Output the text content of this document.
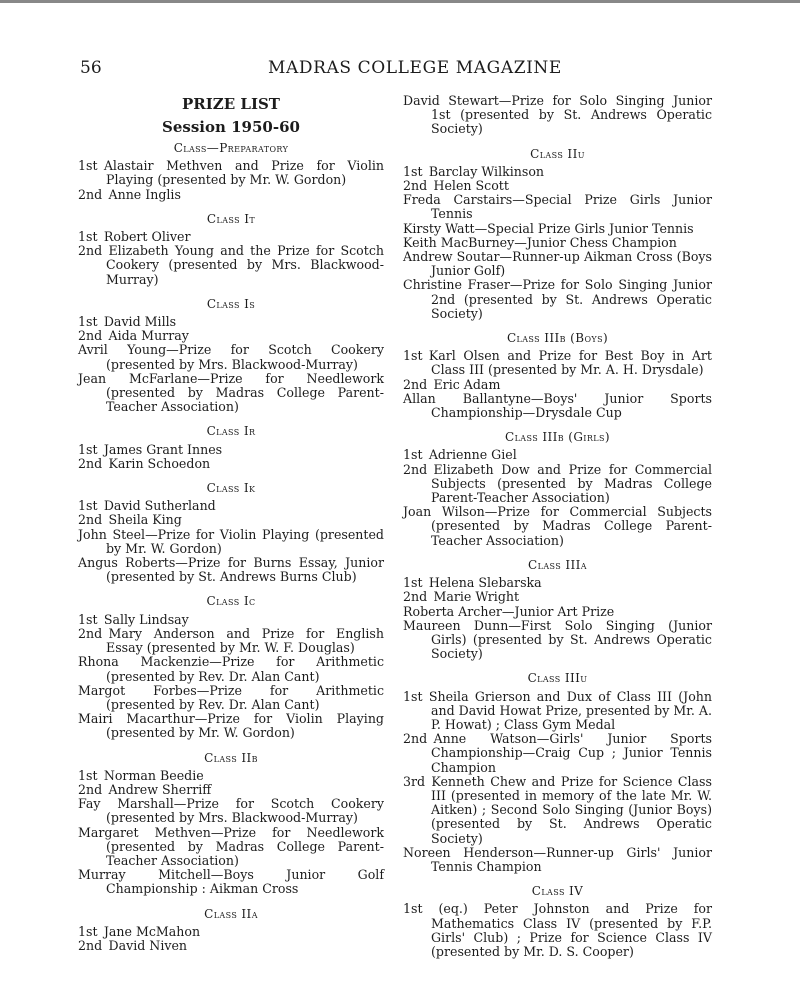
56	MADRAS COLLEGE MAGAZINE
PRIZE LIST
Session 1950-60
Class—Preparatory
1st Alastair Methven and Prize for Violin Playing (presented by Mr. W. Gordon)
2nd Anne Inglis
Class It
1st Robert Oliver
2nd Elizabeth Young and the Prize for Scotch Cookery (presented by Mrs. Blackwood-Murray)
Class Is
1st David Mills
2nd Aida Murray
Avril Young—Prize for Scotch Cookery (presented by Mrs. Blackwood-Murray)
Jean McFarlane—Prize for Needlework (presented by Madras College Parent-Teacher Association)
Class Ir
1st James Grant Innes
2nd Karin Schoedon
Class Ik
1st David Sutherland
2nd Sheila King
John Steel—Prize for Violin Playing (presented by Mr. W. Gordon)
Angus Roberts—Prize for Burns Essay, Junior (presented by St. Andrews Burns Club)
Class Ic
1st Sally Lindsay
2nd Mary Anderson and Prize for English Essay (presented by Mr. W. F. Douglas)
Rhona Mackenzie—Prize for Arithmetic (presented by Rev. Dr. Alan Cant)
Margot Forbes—Prize for Arithmetic (presented by Rev. Dr. Alan Cant)
Mairi Macarthur—Prize for Violin Playing (presented by Mr. W. Gordon)
Class IIb
1st Norman Beedie
2nd Andrew Sherriff
Fay Marshall—Prize for Scotch Cookery (presented by Mrs. Blackwood-Murray)
Margaret Methven—Prize for Needlework (presented by Madras College Parent-Teacher Association)
Murray Mitchell—Boys Junior Golf Championship : Aikman Cross
Class IIa
1st Jane McMahon
2nd David Niven
David Stewart—Prize for Solo Singing Junior 1st (presented by St. Andrews Operatic Society)
Class IIu
1st Barclay Wilkinson
2nd Helen Scott
Freda Carstairs—Special Prize Girls Junior Tennis
Kirsty Watt—Special Prize Girls Junior Tennis
Keith MacBurney—Junior Chess Champion
Andrew Soutar—Runner-up Aikman Cross (Boys Junior Golf)
Christine Fraser—Prize for Solo Singing Junior 2nd (presented by St. Andrews Operatic Society)
Class IIIb (Boys)
1st Karl Olsen and Prize for Best Boy in Art Class III (presented by Mr. A. H. Drysdale)
2nd Eric Adam
Allan Ballantyne—Boys' Junior Sports Championship—Drysdale Cup
Class IIIb (Girls)
1st Adrienne Giel
2nd Elizabeth Dow and Prize for Commercial Subjects (presented by Madras College Parent-Teacher Association)
Joan Wilson—Prize for Commercial Subjects (presented by Madras College Parent-Teacher Association)
Class IIIa
1st Helena Slebarska
2nd Marie Wright
Roberta Archer—Junior Art Prize
Maureen Dunn—First Solo Singing (Junior Girls) (presented by St. Andrews Operatic Society)
Class IIIu
1st Sheila Grierson and Dux of Class III (John and David Howat Prize, presented by Mr. A. P. Howat) ; Class Gym Medal
2nd Anne Watson—Girls' Junior Sports Championship—Craig Cup ; Junior Tennis Champion
3rd Kenneth Chew and Prize for Science Class III (presented in memory of the late Mr. W. Aitken) ; Second Solo Singing (Junior Boys) (presented by St. Andrews Operatic Society)
Noreen Henderson—Runner-up Girls' Junior Tennis Champion
Class IV
1st (eq.) Peter Johnston and Prize for Mathematics Class IV (presented by F.P. Girls' Club) ; Prize for Science Class IV (presented by Mr. D. S. Cooper)
